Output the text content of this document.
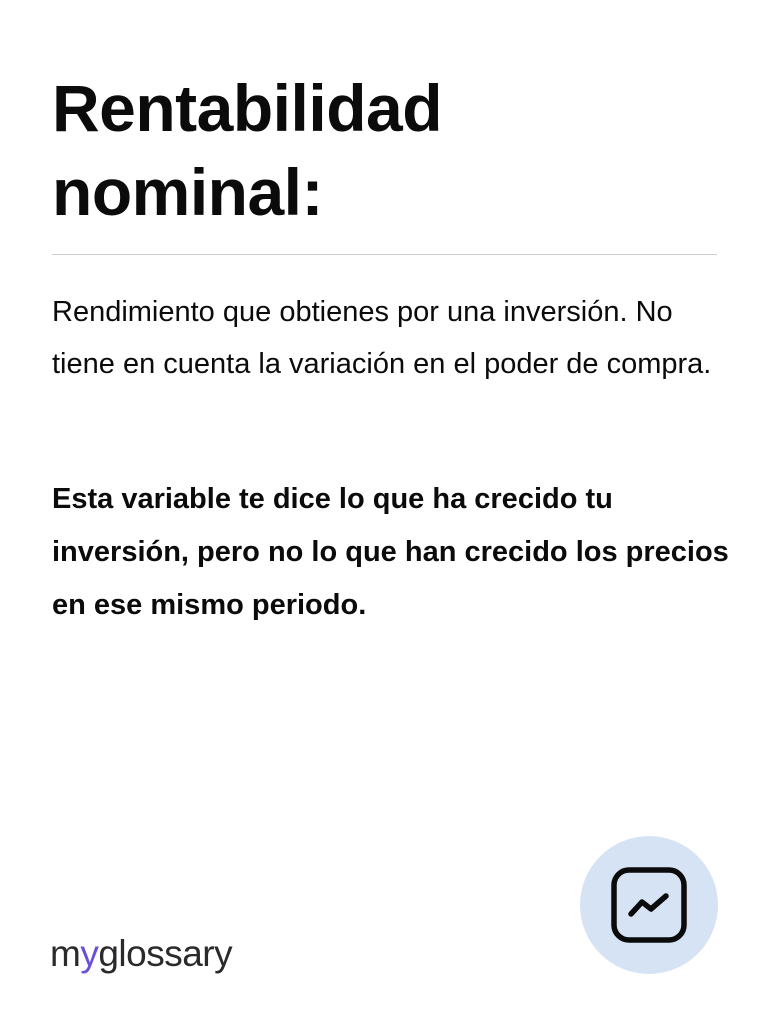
Rentabilidad nominal:

Rendimiento que obtienes por una inversión. No tiene en cuenta la variación en el poder de compra.

Esta variable te dice lo que ha crecido tu inversión, pero no lo que han crecido los precios en ese mismo periodo.

myglossary
